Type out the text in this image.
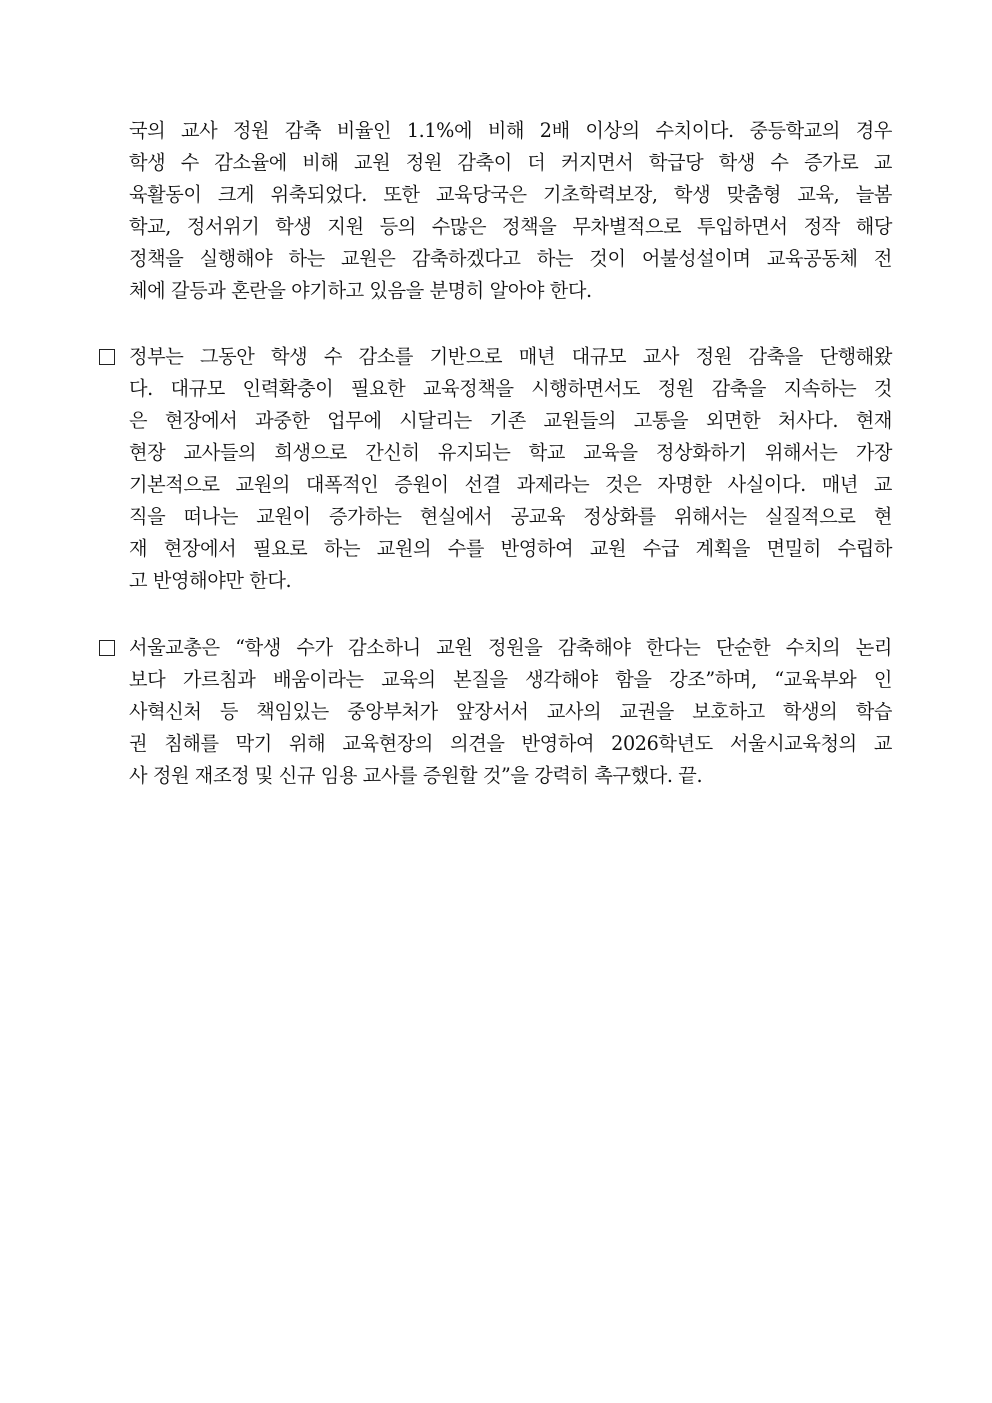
국의 교사 정원 감축 비율인 1.1%에 비해 2배 이상의 수치이다. 중등학교의 경우
학생 수 감소율에 비해 교원 정원 감축이 더 커지면서 학급당 학생 수 증가로 교
육활동이 크게 위축되었다. 또한 교육당국은 기초학력보장, 학생 맞춤형 교육, 늘봄
학교, 정서위기 학생 지원 등의 수많은 정책을 무차별적으로 투입하면서 정작 해당
정책을 실행해야 하는 교원은 감축하겠다고 하는 것이 어불성설이며 교육공동체 전
체에 갈등과 혼란을 야기하고 있음을 분명히 알아야 한다.
정부는 그동안 학생 수 감소를 기반으로 매년 대규모 교사 정원 감축을 단행해왔
다. 대규모 인력확충이 필요한 교육정책을 시행하면서도 정원 감축을 지속하는 것
은 현장에서 과중한 업무에 시달리는 기존 교원들의 고통을 외면한 처사다. 현재
현장 교사들의 희생으로 간신히 유지되는 학교 교육을 정상화하기 위해서는 가장
기본적으로 교원의 대폭적인 증원이 선결 과제라는 것은 자명한 사실이다. 매년 교
직을 떠나는 교원이 증가하는 현실에서 공교육 정상화를 위해서는 실질적으로 현
재 현장에서 필요로 하는 교원의 수를 반영하여 교원 수급 계획을 면밀히 수립하
고 반영해야만 한다.
서울교총은 “학생 수가 감소하니 교원 정원을 감축해야 한다는 단순한 수치의 논리
보다 가르침과 배움이라는 교육의 본질을 생각해야 함을 강조”하며, “교육부와 인
사혁신처 등 책임있는 중앙부처가 앞장서서 교사의 교권을 보호하고 학생의 학습
권 침해를 막기 위해 교육현장의 의견을 반영하여 2026학년도 서울시교육청의 교
사 정원 재조정 및 신규 임용 교사를 증원할 것”을 강력히 촉구했다. 끝.
